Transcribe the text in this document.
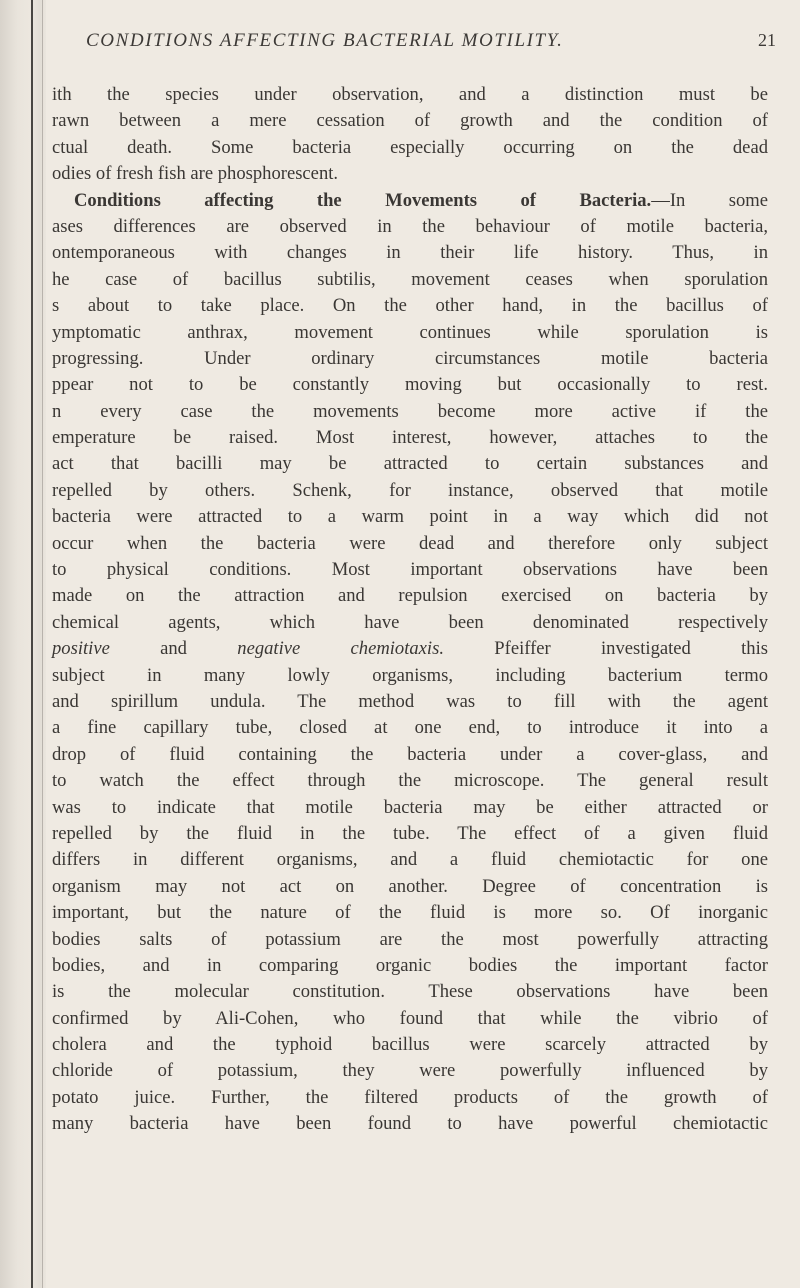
CONDITIONS AFFECTING BACTERIAL MOTILITY.	21
ith the species under observation, and a distinction must be
rawn between a mere cessation of growth and the condition of
ctual death. Some bacteria especially occurring on the dead
odies of fresh fish are phosphorescent.
Conditions affecting the Movements of Bacteria.—In some
ases differences are observed in the behaviour of motile bacteria,
ontemporaneous with changes in their life history. Thus, in
he case of bacillus subtilis, movement ceases when sporulation
s about to take place. On the other hand, in the bacillus of
ymptomatic anthrax, movement continues while sporulation is
progressing. Under ordinary circumstances motile bacteria
ppear not to be constantly moving but occasionally to rest.
n every case the movements become more active if the
emperature be raised. Most interest, however, attaches to the
act that bacilli may be attracted to certain substances and
repelled by others. Schenk, for instance, observed that motile
bacteria were attracted to a warm point in a way which did not
occur when the bacteria were dead and therefore only subject
to physical conditions. Most important observations have been
made on the attraction and repulsion exercised on bacteria by
chemical agents, which have been denominated respectively
positive and negative chemiotaxis. Pfeiffer investigated this
subject in many lowly organisms, including bacterium termo
and spirillum undula. The method was to fill with the agent
a fine capillary tube, closed at one end, to introduce it into a
drop of fluid containing the bacteria under a cover-glass, and
to watch the effect through the microscope. The general result
was to indicate that motile bacteria may be either attracted or
repelled by the fluid in the tube. The effect of a given fluid
differs in different organisms, and a fluid chemiotactic for one
organism may not act on another. Degree of concentration is
important, but the nature of the fluid is more so. Of inorganic
bodies salts of potassium are the most powerfully attracting
bodies, and in comparing organic bodies the important factor
is the molecular constitution. These observations have been
confirmed by Ali-Cohen, who found that while the vibrio of
cholera and the typhoid bacillus were scarcely attracted by
chloride of potassium, they were powerfully influenced by
potato juice. Further, the filtered products of the growth of
many bacteria have been found to have powerful chemiotactic
